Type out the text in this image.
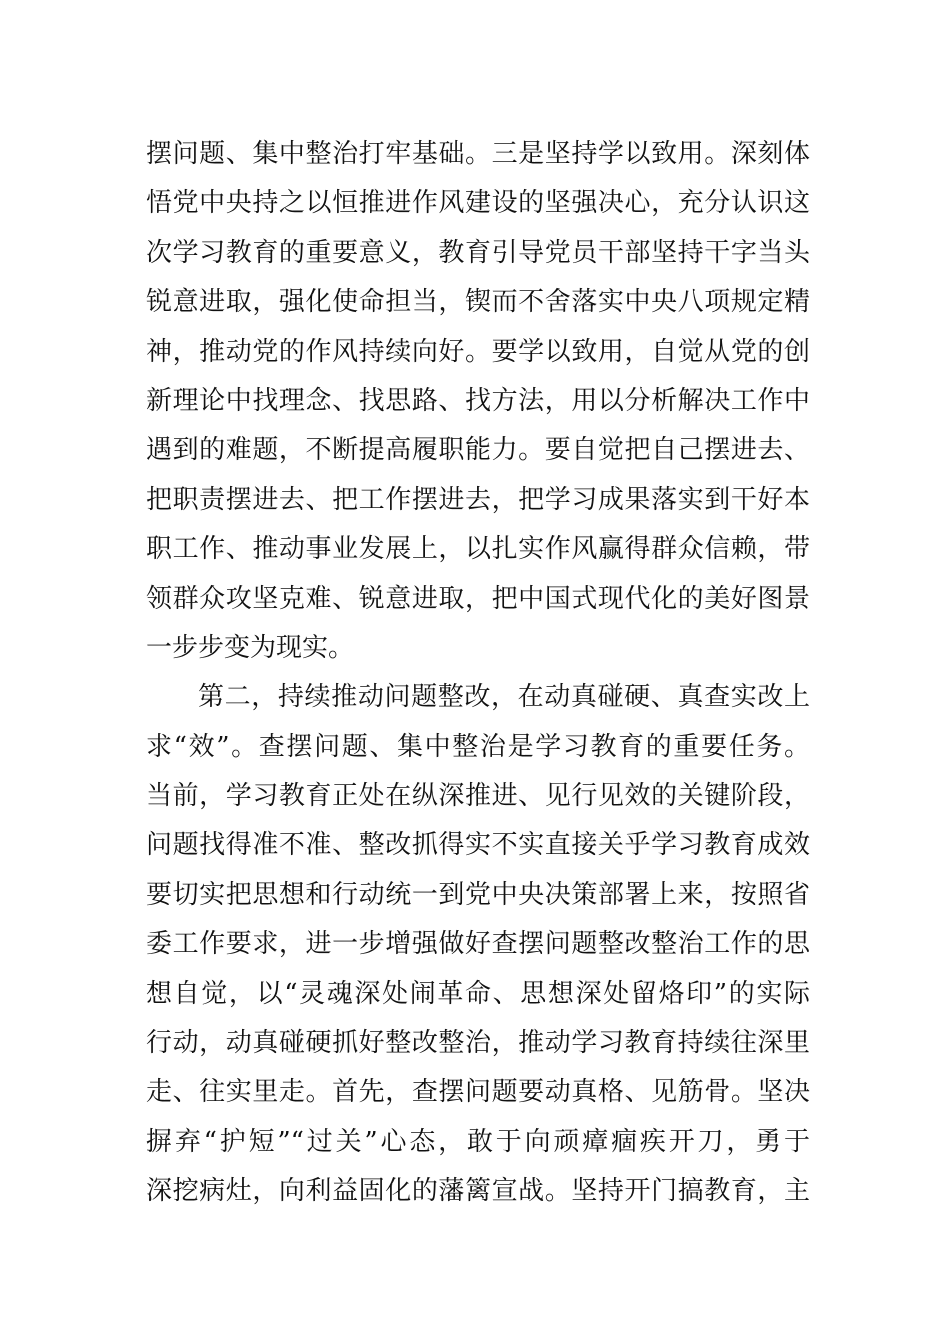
摆问题、集中整治打牢基础。三是坚持学以致用。深刻体
悟党中央持之以恒推进作风建设的坚强决心，充分认识这
次学习教育的重要意义，教育引导党员干部坚持干字当头
锐意进取，强化使命担当，锲而不舍落实中央八项规定精
神，推动党的作风持续向好。要学以致用，自觉从党的创
新理论中找理念、找思路、找方法，用以分析解决工作中
遇到的难题，不断提高履职能力。要自觉把自己摆进去、
把职责摆进去、把工作摆进去，把学习成果落实到干好本
职工作、推动事业发展上，以扎实作风赢得群众信赖，带
领群众攻坚克难、锐意进取，把中国式现代化的美好图景
一步步变为现实。
第二，持续推动问题整改，在动真碰硬、真查实改上
求“效”。查摆问题、集中整治是学习教育的重要任务。
当前，学习教育正处在纵深推进、见行见效的关键阶段，
问题找得准不准、整改抓得实不实直接关乎学习教育成效
要切实把思想和行动统一到党中央决策部署上来，按照省
委工作要求，进一步增强做好查摆问题整改整治工作的思
想自觉，以“灵魂深处闹革命、思想深处留烙印”的实际
行动，动真碰硬抓好整改整治，推动学习教育持续往深里
走、往实里走。首先，查摆问题要动真格、见筋骨。坚决
摒弃“护短”“过关”心态，敢于向顽瘴痼疾开刀，勇于
深挖病灶，向利益固化的藩篱宣战。坚持开门搞教育，主
